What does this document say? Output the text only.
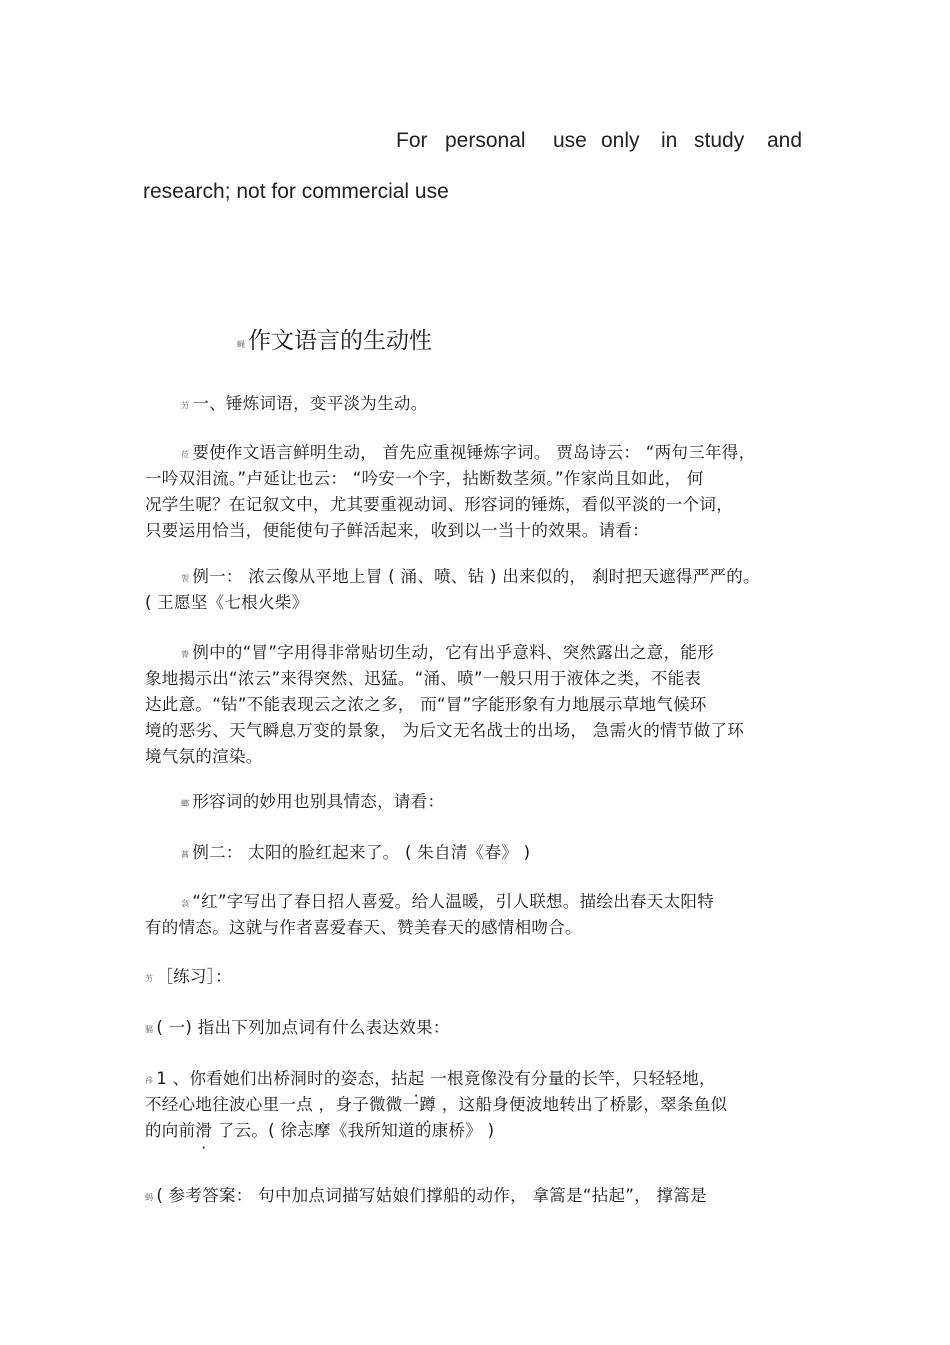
For personal use only in study and
research; not for commercial use
蝇 作文语言的生动性
芀 一、锤炼词语，变平淡为生动。
莅 要使作文语言鲜明生动， 首先应重视锤炼字词。 贾岛诗云： “两句三年得，
一吟双泪流。”卢延让也云： “吟安一个字，拈断数茎须。”作家尚且如此， 何
况学生呢？在记叙文中，尤其要重视动词、形容词的锤炼，看似平淡的一个词，
只要运用恰当，便能使句子鲜活起来，收到以一当十的效果。请看：
袈 例一： 浓云像从平地上冒 ( 涌、喷、钻 ) 出来似的， 刹时把天遮得严严的。
( 王愿坚《七根火柴》
膂 例中的“冒”字用得非常贴切生动，它有出乎意料、突然露出之意，能形
象地揭示出“浓云”来得突然、迅猛。“涌、喷”一般只用于液体之类，不能表
达此意。“钻”不能表现云之浓之多， 而“冒”字能形象有力地展示草地气候环
境的恶劣、天气瞬息万变的景象， 为后文无名战士的出场， 急需火的情节做了环
境气氛的渲染。
螂 形容词的妙用也别具情态，请看：
蒿 例二： 太阳的脸红起来了。 ( 朱自清《春》 )
袅 “红”字写出了春日招人喜爱。给人温暖，引人联想。描绘出春天太阳特
有的情态。这就与作者喜爱春天、赞美春天的感情相吻合。
艻 ［练习］：
膈 ( 一) 指出下列加点词有什么表达效果：
祎 1 、你看她们出桥洞时的姿态，拈起 一根竟像没有分量的长竿，只轻轻地，
不经心地往波心里一点 ，身子微微一蹲 ，这船身便波地转出了桥影，翠条鱼似
的向前滑 了云。( 徐志摩《我所知道的康桥》 )
蚂 ( 参考答案： 句中加点词描写姑娘们撑船的动作， 拿篙是“拈起”， 撑篙是
